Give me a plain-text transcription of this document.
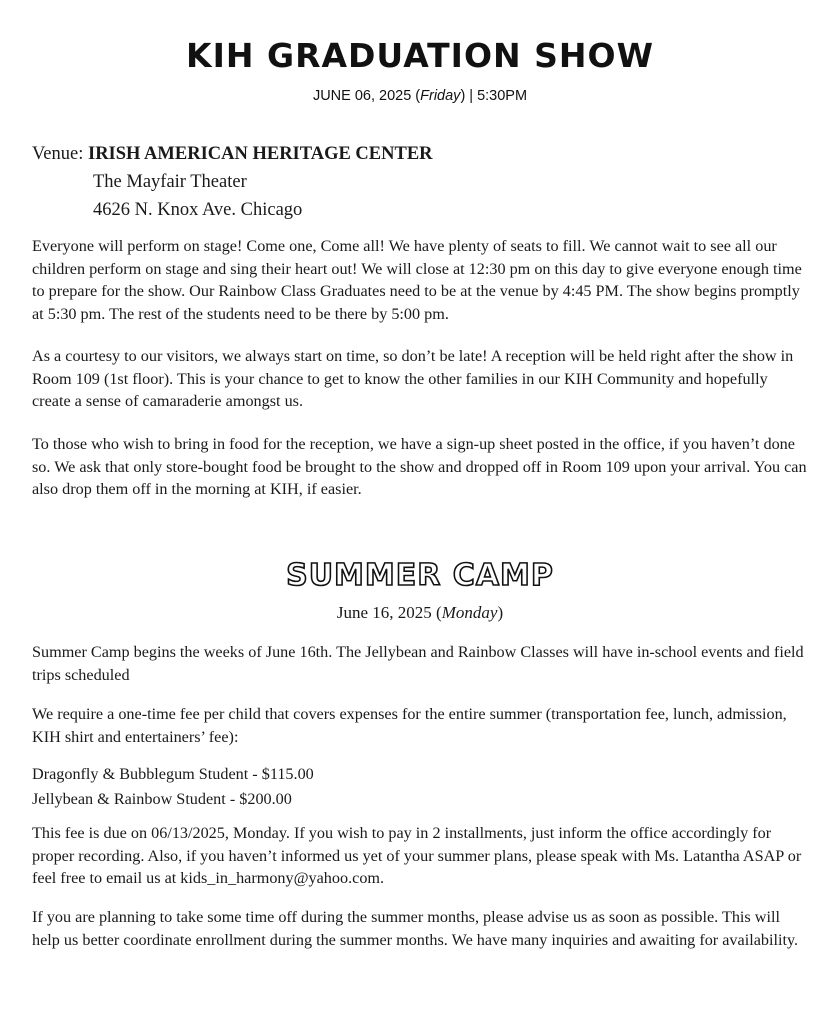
KIH GRADUATION SHOW
JUNE 06, 2025 (Friday) | 5:30PM
Venue: IRISH AMERICAN HERITAGE CENTER
The Mayfair Theater
4626 N. Knox Ave. Chicago
Everyone will perform on stage! Come one, Come all! We have plenty of seats to fill. We cannot wait to see all our children perform on stage and sing their heart out! We will close at 12:30 pm on this day to give everyone enough time to prepare for the show. Our Rainbow Class Graduates need to be at the venue by 4:45 PM. The show begins promptly at 5:30 pm. The rest of the students need to be there by 5:00 pm.
As a courtesy to our visitors, we always start on time, so don’t be late! A reception will be held right after the show in Room 109 (1st floor). This is your chance to get to know the other families in our KIH Community and hopefully create a sense of camaraderie amongst us.
To those who wish to bring in food for the reception, we have a sign-up sheet posted in the office, if you haven’t done so. We ask that only store-bought food be brought to the show and dropped off in Room 109 upon your arrival. You can also drop them off in the morning at KIH, if easier.
SUMMER CAMP
June 16, 2025 (Monday)
Summer Camp begins the weeks of June 16th. The Jellybean and Rainbow Classes will have in-school events and field trips scheduled
We require a one-time fee per child that covers expenses for the entire summer (transportation fee, lunch, admission, KIH shirt and entertainers’ fee):
Dragonfly & Bubblegum Student - $115.00
Jellybean & Rainbow Student - $200.00
This fee is due on 06/13/2025, Monday. If you wish to pay in 2 installments, just inform the office accordingly for proper recording. Also, if you haven’t informed us yet of your summer plans, please speak with Ms. Latantha ASAP or feel free to email us at kids_in_harmony@yahoo.com.
If you are planning to take some time off during the summer months, please advise us as soon as possible. This will help us better coordinate enrollment during the summer months. We have many inquiries and awaiting for availability.
